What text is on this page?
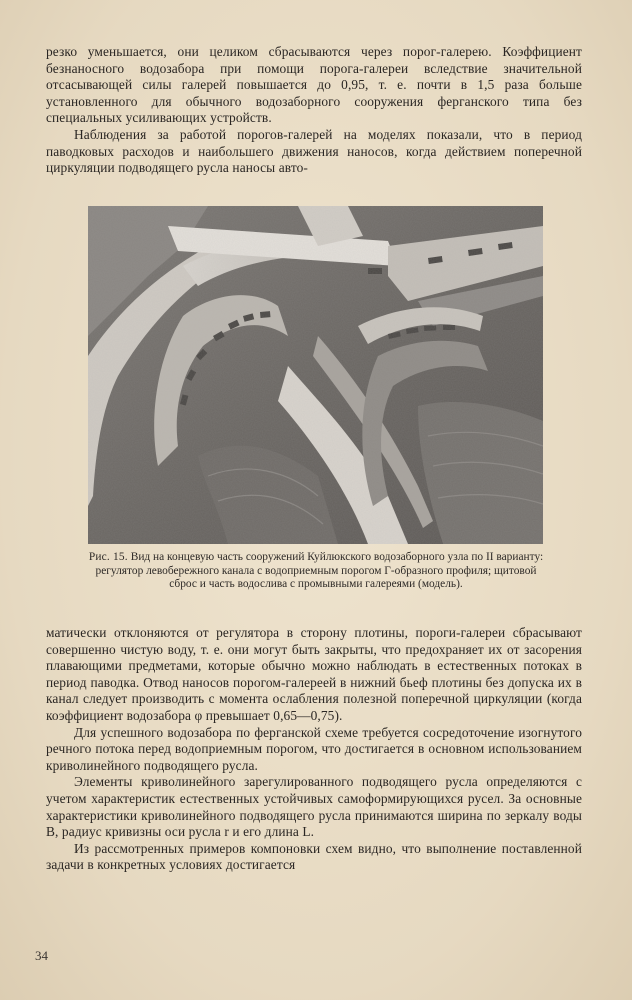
резко уменьшается, они целиком сбрасываются через порог-галерею. Коэффициент безнаносного водозабора при помощи порога-галереи вследствие значительной отсасывающей силы галерей повышается до 0,95, т. е. почти в 1,5 раза больше установленного для обычного водозаборного сооружения ферганского типа без специальных усиливающих устройств.

Наблюдения за работой порогов-галерей на моделях показали, что в период паводковых расходов и наибольшего движения наносов, когда действием поперечной циркуляции подводящего русла наносы авто-

Рис. 15. Вид на концевую часть сооружений Куйлюкского водозаборного узла по II варианту: регулятор левобережного канала с водоприемным порогом Г-образного профиля; щитовой сброс и часть водослива с промывными галереями (модель).

матически отклоняются от регулятора в сторону плотины, пороги-галереи сбрасывают совершенно чистую воду, т. е. они могут быть закрыты, что предохраняет их от засорения плавающими предметами, которые обычно можно наблюдать в естественных потоках в период паводка. Отвод наносов порогом-галереей в нижний бьеф плотины без допуска их в канал следует производить с момента ослабления полезной поперечной циркуляции (когда коэффициент водозабора φ превышает 0,65—0,75).

Для успешного водозабора по ферганской схеме требуется сосредоточение изогнутого речного потока перед водоприемным порогом, что достигается в основном использованием криволинейного подводящего русла.

Элементы криволинейного зарегулированного подводящего русла определяются с учетом характеристик естественных устойчивых самоформирующихся русел. За основные характеристики криволинейного подводящего русла принимаются ширина по зеркалу воды B, радиус кривизны оси русла r и его длина L.

Из рассмотренных примеров компоновки схем видно, что выполнение поставленной задачи в конкретных условиях достигается

34
